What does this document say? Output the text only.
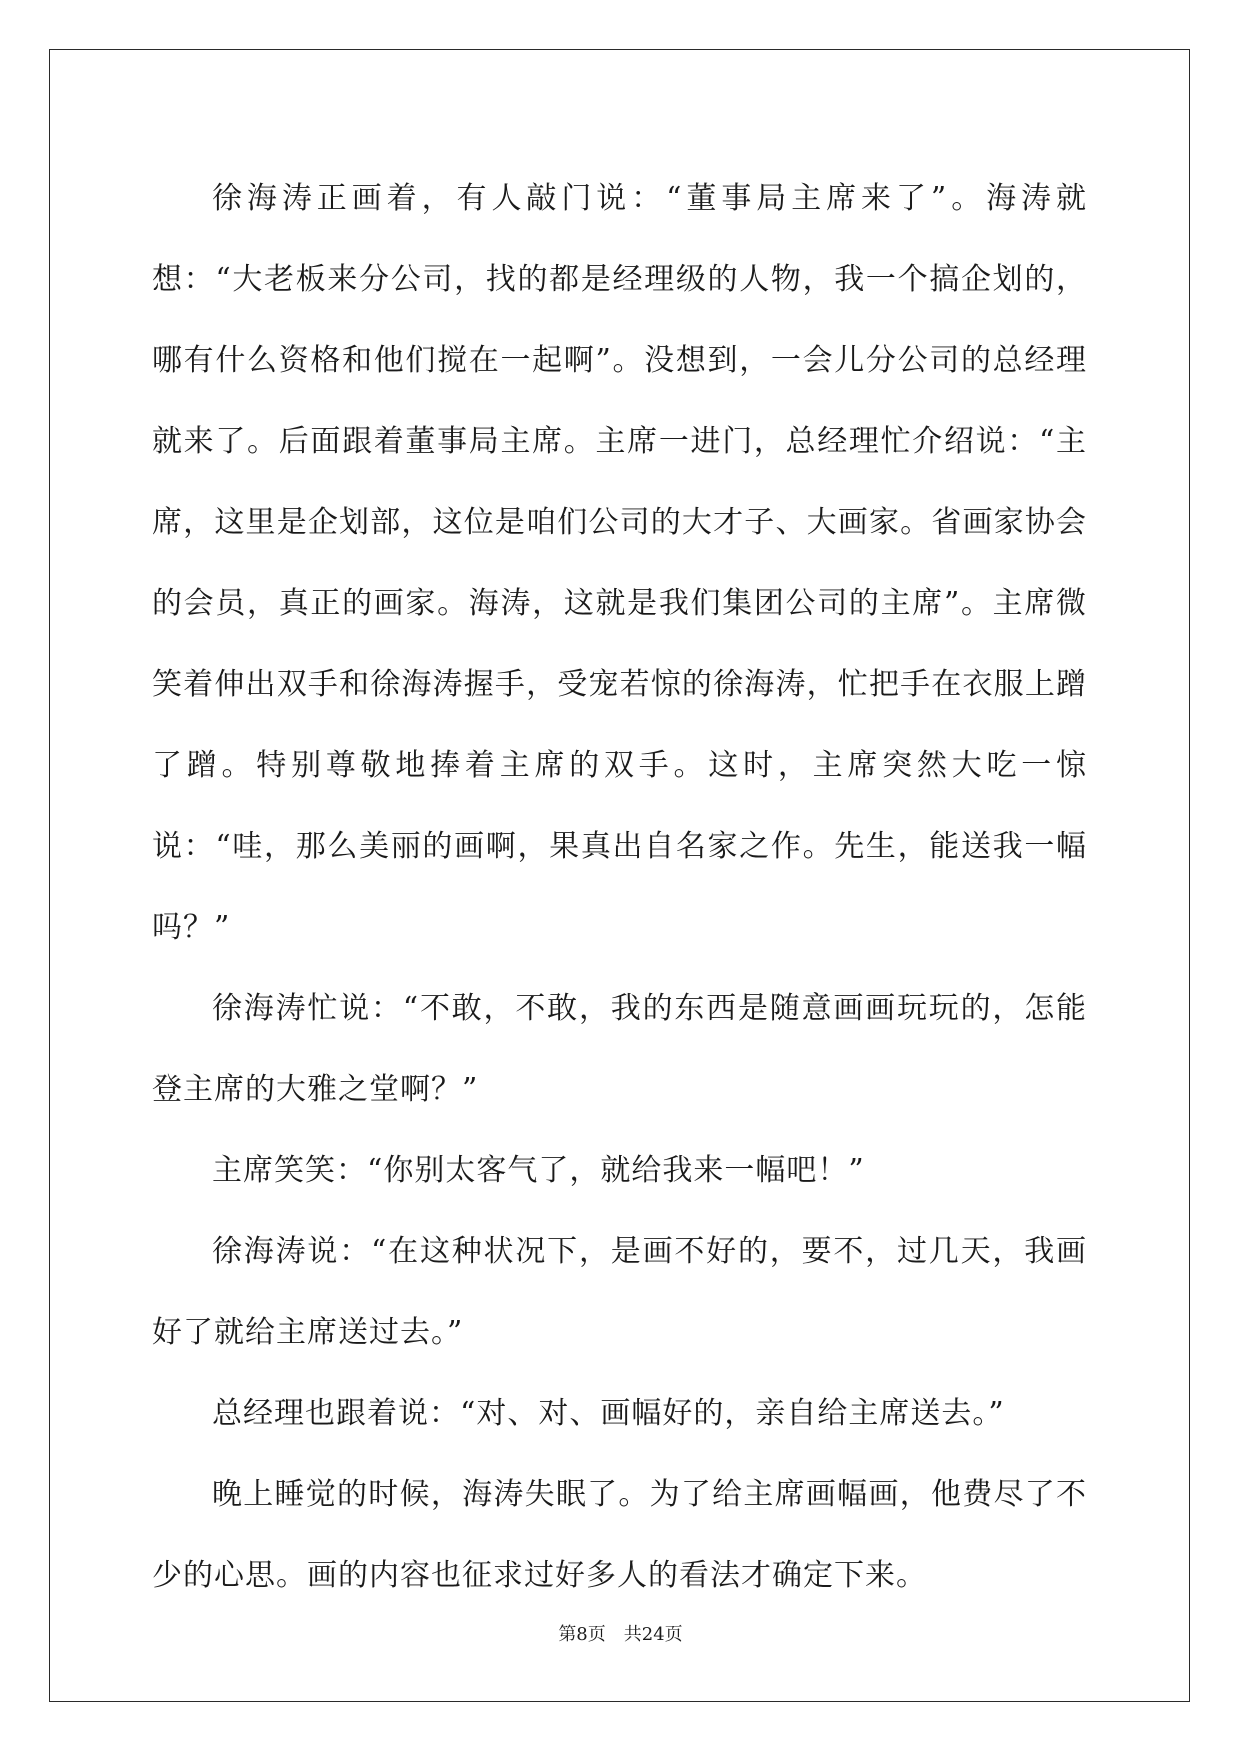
徐海涛正画着，有人敲门说：“董事局主席来了”。海涛就想：“大老板来分公司，找的都是经理级的人物，我一个搞企划的，哪有什么资格和他们搅在一起啊”。没想到，一会儿分公司的总经理就来了。后面跟着董事局主席。主席一进门，总经理忙介绍说：“主席，这里是企划部，这位是咱们公司的大才子、大画家。省画家协会的会员，真正的画家。海涛，这就是我们集团公司的主席”。主席微笑着伸出双手和徐海涛握手，受宠若惊的徐海涛，忙把手在衣服上蹭了蹭。特别尊敬地捧着主席的双手。这时，主席突然大吃一惊说：“哇，那么美丽的画啊，果真出自名家之作。先生，能送我一幅吗？”

徐海涛忙说：“不敢，不敢，我的东西是随意画画玩玩的，怎能登主席的大雅之堂啊？”

主席笑笑：“你别太客气了，就给我来一幅吧！”

徐海涛说：“在这种状况下，是画不好的，要不，过几天，我画好了就给主席送过去。”

总经理也跟着说：“对、对、画幅好的，亲自给主席送去。”

晚上睡觉的时候，海涛失眠了。为了给主席画幅画，他费尽了不少的心思。画的内容也征求过好多人的看法才确定下来。

第8页 共24页
